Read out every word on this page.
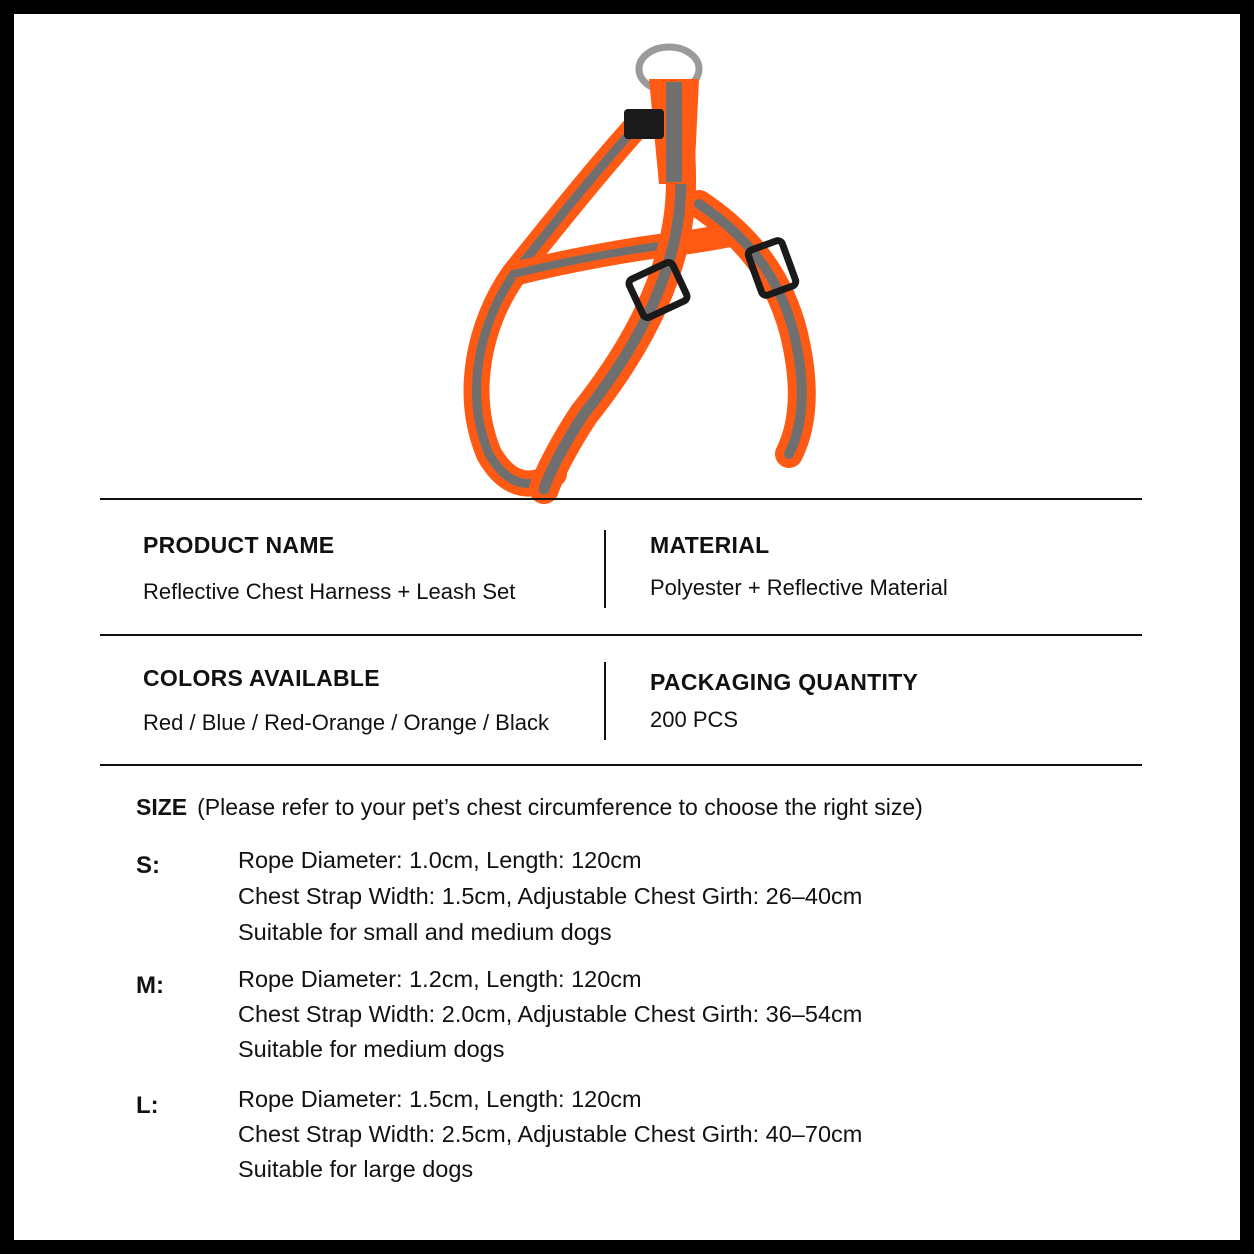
PRODUCT NAME
Reflective Chest Harness + Leash Set
MATERIAL
Polyester + Reflective Material
COLORS AVAILABLE
Red / Blue / Red-Orange / Orange / Black
PACKAGING QUANTITY
200 PCS
SIZE (Please refer to your pet’s chest circumference to choose the right size)
S:	Rope Diameter: 1.0cm, Length: 120cm
Chest Strap Width: 1.5cm, Adjustable Chest Girth: 26–40cm
Suitable for small and medium dogs
M:	Rope Diameter: 1.2cm, Length: 120cm
Chest Strap Width: 2.0cm, Adjustable Chest Girth: 36–54cm
Suitable for medium dogs
L:	Rope Diameter: 1.5cm, Length: 120cm
Chest Strap Width: 2.5cm, Adjustable Chest Girth: 40–70cm
Suitable for large dogs
